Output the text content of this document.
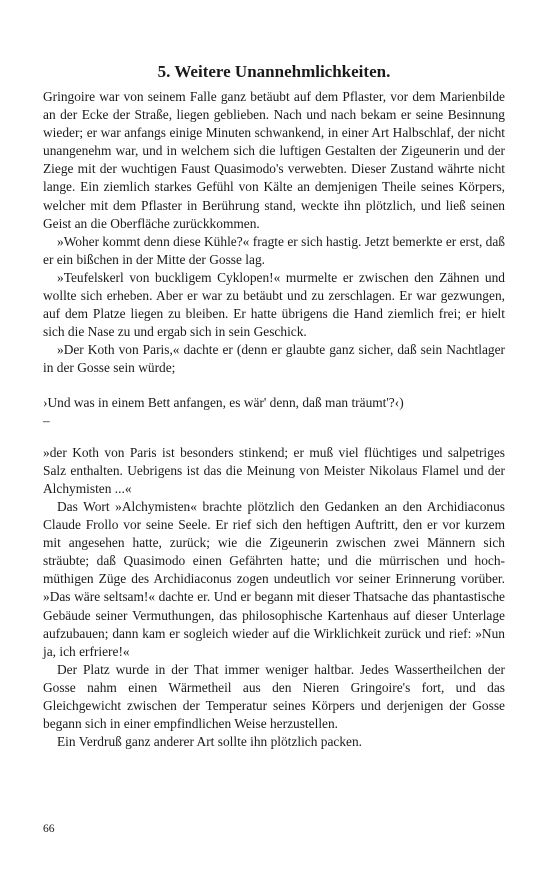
5. Weitere Unannehmlichkeiten.

Gringoire war von seinem Falle ganz betäubt auf dem Pflaster, vor dem Marienbilde an der Ecke der Straße, liegen geblieben. Nach und nach bekam er seine Besinnung wieder; er war anfangs einige Minuten schwankend, in einer Art Halbschlaf, der nicht unangenehm war, und in welchem sich die luftigen Gestalten der Zigeunerin und der Ziege mit der wuchtigen Faust Quasimodo's verwebten. Dieser Zustand währte nicht lange. Ein ziemlich starkes Gefühl von Kälte an demjenigen Theile seines Körpers, welcher mit dem Pflaster in Berührung stand, weckte ihn plötzlich, und ließ seinen Geist an die Oberfläche zurückkommen.

»Woher kommt denn diese Kühle?« fragte er sich hastig. Jetzt bemerkte er erst, daß er ein bißchen in der Mitte der Gosse lag.

»Teufelskerl von buckligem Cyklopen!« murmelte er zwischen den Zähnen und wollte sich erheben. Aber er war zu betäubt und zu zerschlagen. Er war gezwungen, auf dem Platze liegen zu bleiben. Er hatte übrigens die Hand ziemlich frei; er hielt sich die Nase zu und ergab sich in sein Geschick.

»Der Koth von Paris,« dachte er (denn er glaubte ganz sicher, daß sein Nachtlager in der Gosse sein würde;

›Und was in einem Bett anfangen, es wär' denn, daß man träumt'?‹)

–

»der Koth von Paris ist besonders stinkend; er muß viel flüchtiges und salpetriges Salz enthalten. Uebrigens ist das die Meinung von Meister Nikolaus Flamel und der Alchymisten ...«

Das Wort »Alchymisten« brachte plötzlich den Gedanken an den Archidiaconus Claude Frollo vor seine Seele. Er rief sich den heftigen Auftritt, den er vor kurzem mit angesehen hatte, zurück; wie die Zigeunerin zwischen zwei Männern sich sträubte; daß Quasimodo einen Gefährten hatte; und die mürrischen und hochmüthigen Züge des Archidiaconus zogen undeutlich vor seiner Erinnerung vorüber. »Das wäre seltsam!« dachte er. Und er begann mit dieser Thatsache das phantastische Gebäude seiner Vermuthungen, das philosophische Kartenhaus auf dieser Unterlage aufzubauen; dann kam er sogleich wieder auf die Wirklichkeit zurück und rief: »Nun ja, ich erfriere!«

Der Platz wurde in der That immer weniger haltbar. Jedes Wassertheilchen der Gosse nahm einen Wärmetheil aus den Nieren Gringoire's fort, und das Gleichgewicht zwischen der Temperatur seines Körpers und derjenigen der Gosse begann sich in einer empfindlichen Weise herzustellen.

Ein Verdruß ganz anderer Art sollte ihn plötzlich packen.

66
